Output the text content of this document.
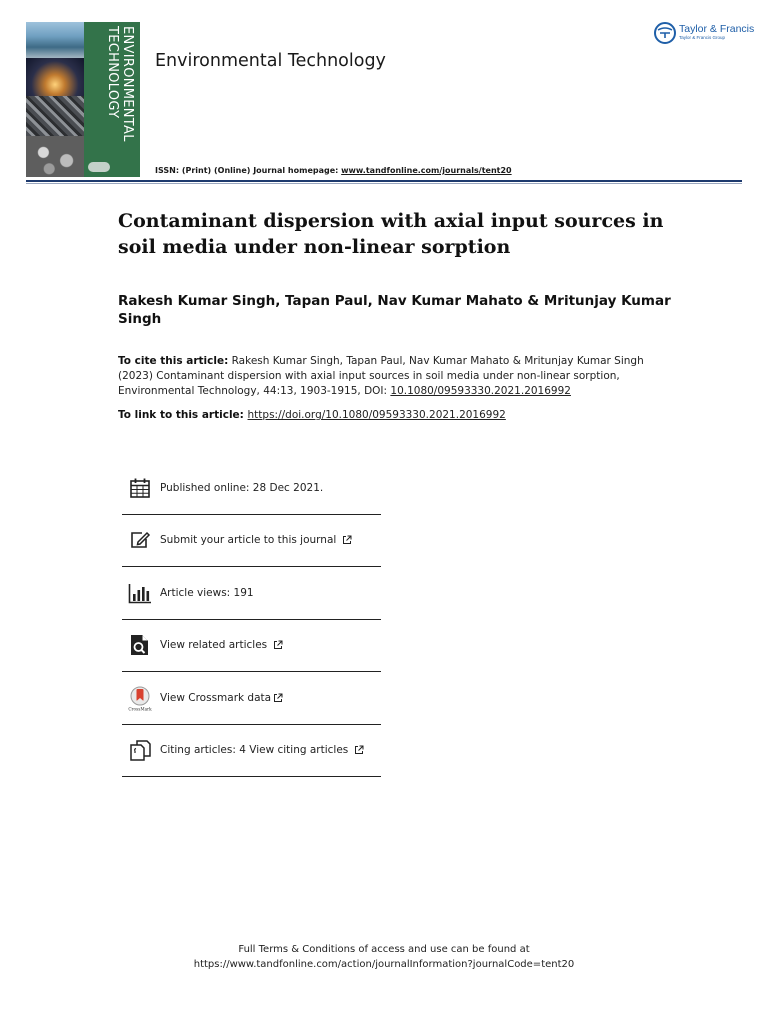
ENVIRONMENTAL
TECHNOLOGY	Environmental Technology
Taylor & Francis
Taylor & Francis Group
ISSN: (Print) (Online) Journal homepage: www.tandfonline.com/journals/tent20
Contaminant dispersion with axial input sources in soil media under non-linear sorption
Rakesh Kumar Singh, Tapan Paul, Nav Kumar Mahato & Mritunjay Kumar Singh
To cite this article: Rakesh Kumar Singh, Tapan Paul, Nav Kumar Mahato & Mritunjay Kumar Singh (2023) Contaminant dispersion with axial input sources in soil media under non-linear sorption, Environmental Technology, 44:13, 1903-1915, DOI: 10.1080/09593330.2021.2016992
To link to this article: https://doi.org/10.1080/09593330.2021.2016992
Published online: 28 Dec 2021.
Submit your article to this journal
Article views: 191
View related articles
CrossMark
View Crossmark data
Citing articles: 4 View citing articles
Full Terms & Conditions of access and use can be found at
https://www.tandfonline.com/action/journalInformation?journalCode=tent20
